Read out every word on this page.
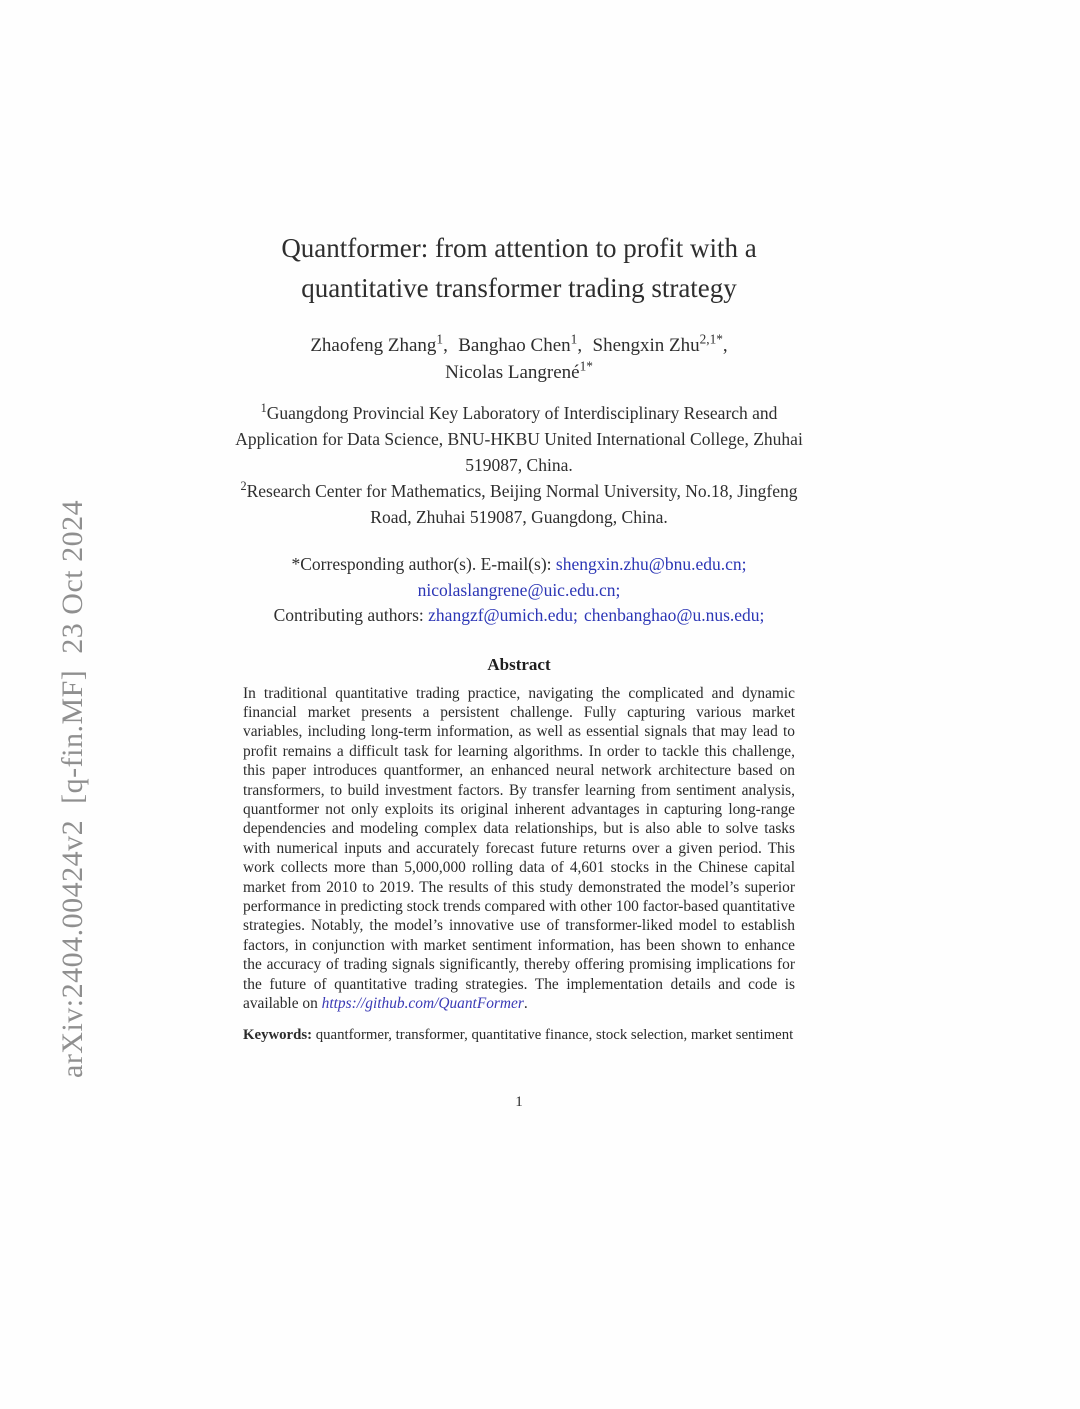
arXiv:2404.00424v2  [q-fin.MF]  23 Oct 2024
Quantformer: from attention to profit with a
quantitative transformer trading strategy
Zhaofeng Zhang$^1$, Banghao Chen$^1$, Shengxin Zhu$^{2,1*}$,
Nicolas Langrené$^{1*}$

$^1$Guangdong Provincial Key Laboratory of Interdisciplinary Research and Application for Data Science, BNU-HKBU United International College, Zhuhai 519087, China.

$^2$Research Center for Mathematics, Beijing Normal University, No.18, Jingfeng Road, Zhuhai 519087, Guangdong, China.

*Corresponding author(s). E-mail(s): shengxin.zhu@bnu.edu.cn;
nicolaslangrene@uic.edu.cn;
Contributing authors: zhangzf@umich.edu; chenbanghao@u.nus.edu;
Abstract

In traditional quantitative trading practice, navigating the complicated and dynamic financial market presents a persistent challenge. Fully capturing various market variables, including long-term information, as well as essential signals that may lead to profit remains a difficult task for learning algorithms. In order to tackle this challenge, this paper introduces quantformer, an enhanced neural network architecture based on transformers, to build investment factors. By transfer learning from sentiment analysis, quantformer not only exploits its original inherent advantages in capturing long-range dependencies and modeling complex data relationships, but is also able to solve tasks with numerical inputs and accurately forecast future returns over a given period. This work collects more than 5,000,000 rolling data of 4,601 stocks in the Chinese capital market from 2010 to 2019. The results of this study demonstrated the model’s superior performance in predicting stock trends compared with other 100 factor-based quantitative strategies. Notably, the model’s innovative use of transformer-liked model to establish factors, in conjunction with market sentiment information, has been shown to enhance the accuracy of trading signals significantly, thereby offering promising implications for the future of quantitative trading strategies. The implementation details and code is available on https://github.com/QuantFormer.

Keywords: quantformer, transformer, quantitative finance, stock selection, market sentiment

1
